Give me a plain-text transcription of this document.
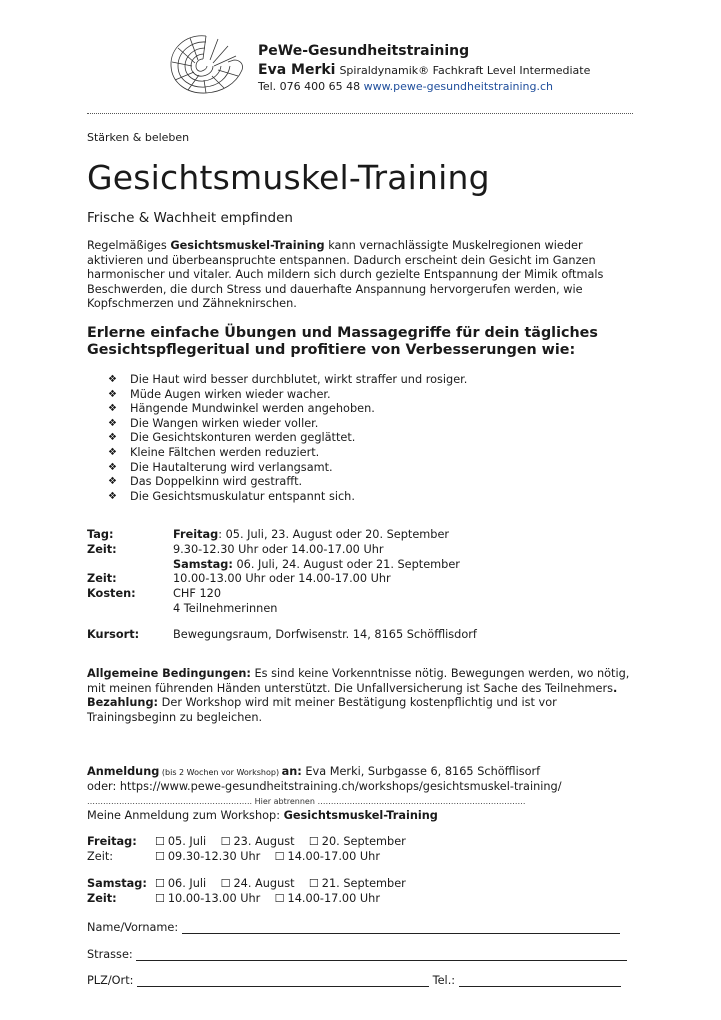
PeWe-Gesundheitstraining
Eva Merki Spiraldynamik® Fachkraft Level Intermediate
Tel. 076 400 65 48 www.pewe-gesundheitstraining.ch
Stärken & beleben
Gesichtsmuskel-Training
Frische & Wachheit empfinden
Regelmäßiges Gesichtsmuskel-Training kann vernachlässigte Muskelregionen wieder aktivieren und überbeanspruchte entspannen. Dadurch erscheint dein Gesicht im Ganzen harmonischer und vitaler. Auch mildern sich durch gezielte Entspannung der Mimik oftmals Beschwerden, die durch Stress und dauerhafte Anspannung hervorgerufen werden, wie Kopfschmerzen und Zähneknirschen.
Erlerne einfache Übungen und Massagegriffe für dein tägliches Gesichtspflegeritual und profitiere von Verbesserungen wie:
❖	Die Haut wird besser durchblutet, wirkt straffer und rosiger.
❖	Müde Augen wirken wieder wacher.
❖	Hängende Mundwinkel werden angehoben.
❖	Die Wangen wirken wieder voller.
❖	Die Gesichtskonturen werden geglättet.
❖	Kleine Fältchen werden reduziert.
❖	Die Hautalterung wird verlangsamt.
❖	Das Doppelkinn wird gestrafft.
❖	Die Gesichtsmuskulatur entspannt sich.
Tag:	Freitag: 05. Juli, 23. August oder 20. September
Zeit:	9.30-12.30 Uhr oder 14.00-17.00 Uhr
Samstag: 06. Juli, 24. August oder 21. September
Zeit:	10.00-13.00 Uhr oder 14.00-17.00 Uhr
Kosten:	CHF 120
4 Teilnehmerinnen
Kursort:	Bewegungsraum, Dorfwisenstr. 14, 8165 Schöfflisdorf
Allgemeine Bedingungen: Es sind keine Vorkenntnisse nötig. Bewegungen werden, wo nötig, mit meinen führenden Händen unterstützt. Die Unfallversicherung ist Sache des Teilnehmers.
Bezahlung: Der Workshop wird mit meiner Bestätigung kostenpflichtig und ist vor Trainingsbeginn zu begleichen.
Anmeldung (bis 2 Wochen vor Workshop) an: Eva Merki, Surbgasse 6, 8165 Schöfflisorf
oder: https://www.pewe-gesundheitstraining.ch/workshops/gesichtsmuskel-training/
…………………………………………………….. Hier abtrennen ……………………………………………………………………
Meine Anmeldung zum Workshop: Gesichtsmuskel-Training
Freitag: ☐ 05. Juli ☐ 23. August ☐ 20. September
Zeit:	☐ 09.30-12.30 Uhr ☐ 14.00-17.00 Uhr
Samstag: ☐ 06. Juli ☐ 24. August ☐ 21. September
Zeit:	☐ 10.00-13.00 Uhr ☐ 14.00-17.00 Uhr
Name/Vorname:
Strasse:
PLZ/Ort:	Tel.:
